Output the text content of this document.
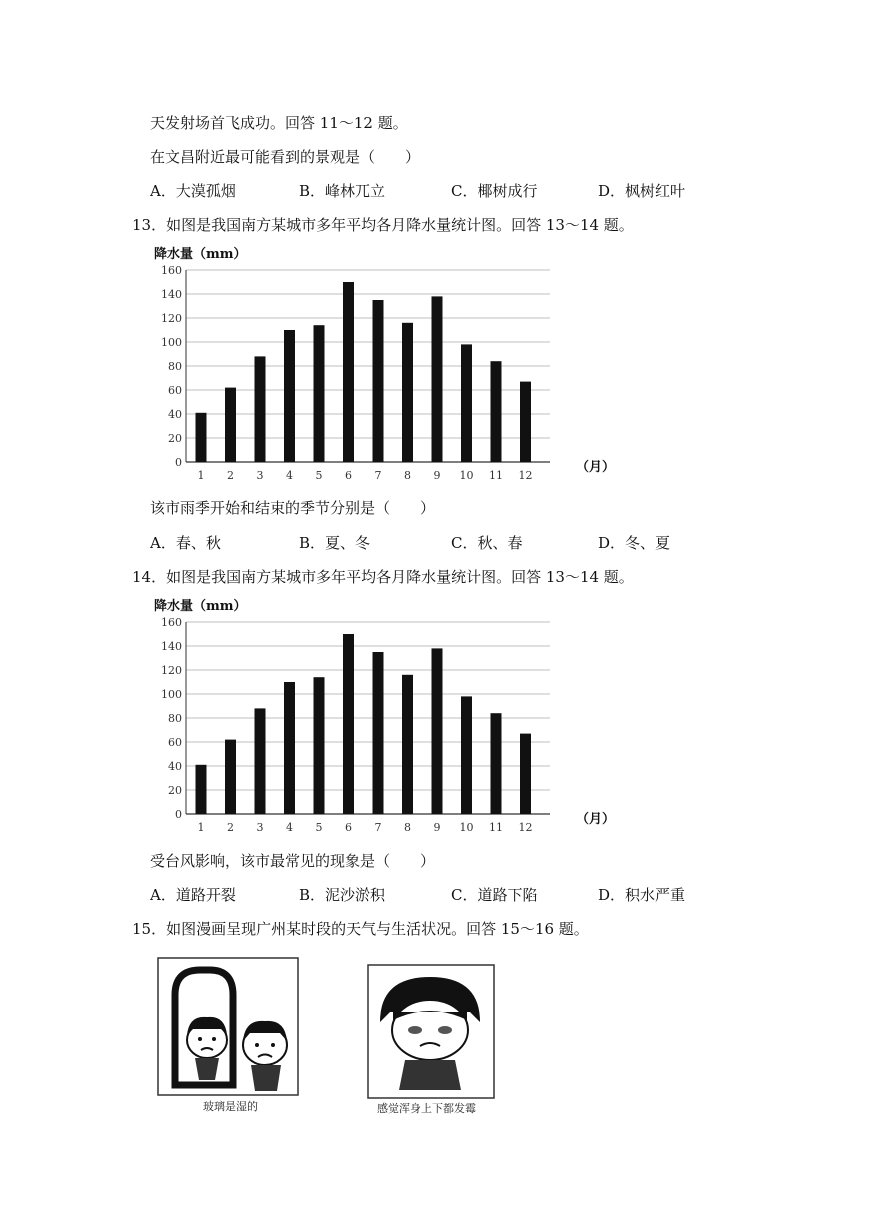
天发射场首飞成功。回答 11～12 题。
在文昌附近最可能看到的景观是（　　）
A．大漠孤烟	B．峰林兀立	C．椰树成行	D．枫树红叶
13．如图是我国南方某城市多年平均各月降水量统计图。回答 13～14 题。
降水量（mm）
0
20
40
60
80
100
120
140
160
1 2 3 4 5 6 7 8 9 10 11 12
（月）
该市雨季开始和结束的季节分别是（　　）
A．春、秋	B．夏、冬	C．秋、春	D．冬、夏
14．如图是我国南方某城市多年平均各月降水量统计图。回答 13～14 题。
降水量（mm）
0
20
40
60
80
100
120
140
160
1 2 3 4 5 6 7 8 9 10 11 12
（月）
受台风影响，该市最常见的现象是（　　）
A．道路开裂	B．泥沙淤积	C．道路下陷	D．积水严重
15．如图漫画呈现广州某时段的天气与生活状况。回答 15～16 题。
玻璃是湿的	感觉浑身上下都发霉
